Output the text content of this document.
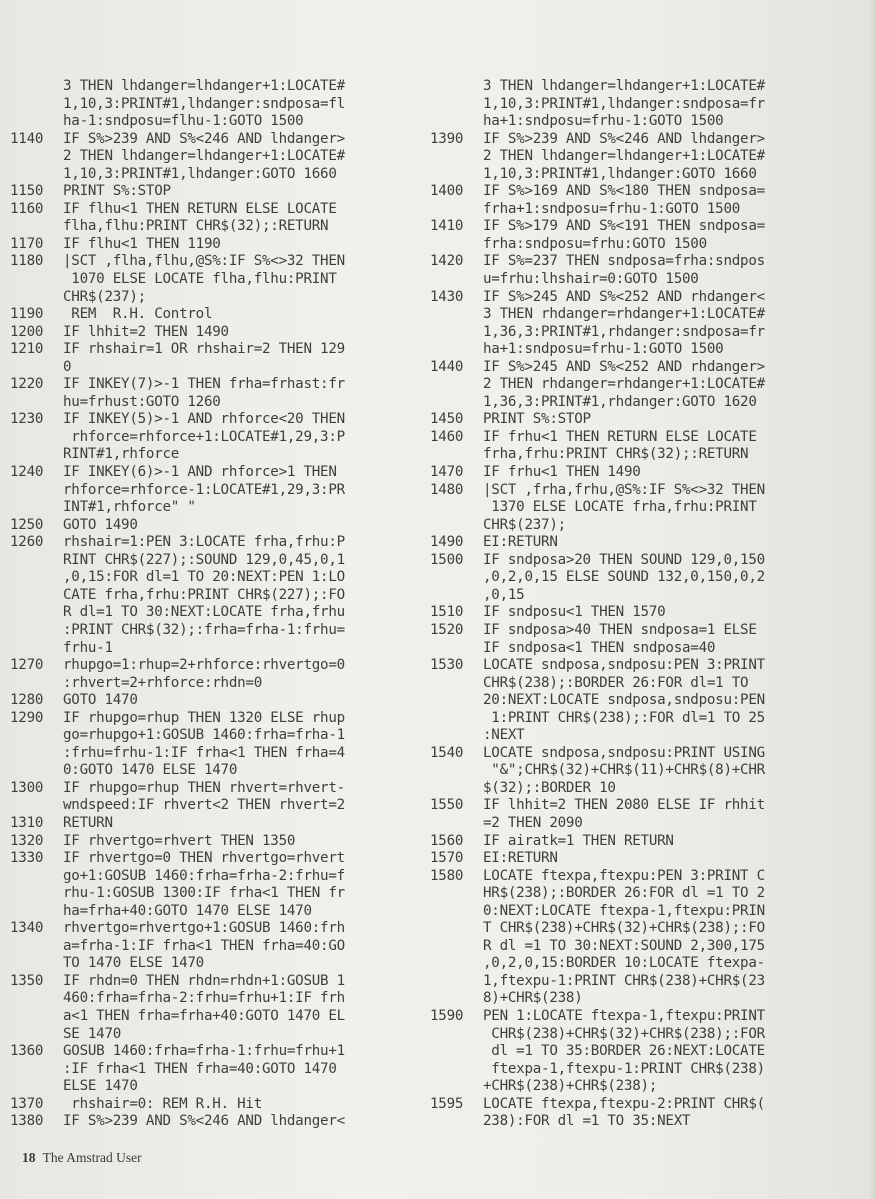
3 THEN lhdanger=lhdanger+1:LOCATE#
1,10,3:PRINT#1,lhdanger:sndposa=fl
ha-1:sndposu=flhu-1:GOTO 1500
1140	IF S%>239 AND S%<246 AND lhdanger>
2 THEN lhdanger=lhdanger+1:LOCATE#
1,10,3:PRINT#1,lhdanger:GOTO 1660
1150	PRINT S%:STOP
1160	IF flhu<1 THEN RETURN ELSE LOCATE
flha,flhu:PRINT CHR$(32);:RETURN
1170	IF flhu<1 THEN 1190
1180	|SCT ,flha,flhu,@S%:IF S%<>32 THEN
1070 ELSE LOCATE flha,flhu:PRINT
CHR$(237);
1190	REM  R.H. Control
1200	IF lhhit=2 THEN 1490
1210	IF rhshair=1 OR rhshair=2 THEN 129
0
1220	IF INKEY(7)>-1 THEN frha=frhast:fr
hu=frhust:GOTO 1260
1230	IF INKEY(5)>-1 AND rhforce<20 THEN
rhforce=rhforce+1:LOCATE#1,29,3:P
RINT#1,rhforce
1240	IF INKEY(6)>-1 AND rhforce>1 THEN
rhforce=rhforce-1:LOCATE#1,29,3:PR
INT#1,rhforce" "
1250	GOTO 1490
1260	rhshair=1:PEN 3:LOCATE frha,frhu:P
RINT CHR$(227);:SOUND 129,0,45,0,1
,0,15:FOR dl=1 TO 20:NEXT:PEN 1:LO
CATE frha,frhu:PRINT CHR$(227);:FO
R dl=1 TO 30:NEXT:LOCATE frha,frhu
:PRINT CHR$(32);:frha=frha-1:frhu=
frhu-1
1270	rhupgo=1:rhup=2+rhforce:rhvertgo=0
:rhvert=2+rhforce:rhdn=0
1280	GOTO 1470
1290	IF rhupgo=rhup THEN 1320 ELSE rhup
go=rhupgo+1:GOSUB 1460:frha=frha-1
:frhu=frhu-1:IF frha<1 THEN frha=4
0:GOTO 1470 ELSE 1470
1300	IF rhupgo=rhup THEN rhvert=rhvert-
wndspeed:IF rhvert<2 THEN rhvert=2
1310	RETURN
1320	IF rhvertgo=rhvert THEN 1350
1330	IF rhvertgo=0 THEN rhvertgo=rhvert
go+1:GOSUB 1460:frha=frha-2:frhu=f
rhu-1:GOSUB 1300:IF frha<1 THEN fr
ha=frha+40:GOTO 1470 ELSE 1470
1340	rhvertgo=rhvertgo+1:GOSUB 1460:frh
a=frha-1:IF frha<1 THEN frha=40:GO
TO 1470 ELSE 1470
1350	IF rhdn=0 THEN rhdn=rhdn+1:GOSUB 1
460:frha=frha-2:frhu=frhu+1:IF frh
a<1 THEN frha=frha+40:GOTO 1470 EL
SE 1470
1360	GOSUB 1460:frha=frha-1:frhu=frhu+1
:IF frha<1 THEN frha=40:GOTO 1470
ELSE 1470
1370	rhshair=0: REM R.H. Hit
1380	IF S%>239 AND S%<246 AND lhdanger<
3 THEN lhdanger=lhdanger+1:LOCATE#
1,10,3:PRINT#1,lhdanger:sndposa=fr
ha+1:sndposu=frhu-1:GOTO 1500
1390	IF S%>239 AND S%<246 AND lhdanger>
2 THEN lhdanger=lhdanger+1:LOCATE#
1,10,3:PRINT#1,lhdanger:GOTO 1660
1400	IF S%>169 AND S%<180 THEN sndposa=
frha+1:sndposu=frhu-1:GOTO 1500
1410	IF S%>179 AND S%<191 THEN sndposa=
frha:sndposu=frhu:GOTO 1500
1420	IF S%=237 THEN sndposa=frha:sndpos
u=frhu:lhshair=0:GOTO 1500
1430	IF S%>245 AND S%<252 AND rhdanger<
3 THEN rhdanger=rhdanger+1:LOCATE#
1,36,3:PRINT#1,rhdanger:sndposa=fr
ha+1:sndposu=frhu-1:GOTO 1500
1440	IF S%>245 AND S%<252 AND rhdanger>
2 THEN rhdanger=rhdanger+1:LOCATE#
1,36,3:PRINT#1,rhdanger:GOTO 1620
1450	PRINT S%:STOP
1460	IF frhu<1 THEN RETURN ELSE LOCATE
frha,frhu:PRINT CHR$(32);:RETURN
1470	IF frhu<1 THEN 1490
1480	|SCT ,frha,frhu,@S%:IF S%<>32 THEN
1370 ELSE LOCATE frha,frhu:PRINT
CHR$(237);
1490	EI:RETURN
1500	IF sndposa>20 THEN SOUND 129,0,150
,0,2,0,15 ELSE SOUND 132,0,150,0,2
,0,15
1510	IF sndposu<1 THEN 1570
1520	IF sndposa>40 THEN sndposa=1 ELSE
IF sndposa<1 THEN sndposa=40
1530	LOCATE sndposa,sndposu:PEN 3:PRINT
CHR$(238);:BORDER 26:FOR dl=1 TO
20:NEXT:LOCATE sndposa,sndposu:PEN
1:PRINT CHR$(238);:FOR dl=1 TO 25
:NEXT
1540	LOCATE sndposa,sndposu:PRINT USING
"&";CHR$(32)+CHR$(11)+CHR$(8)+CHR
$(32);:BORDER 10
1550	IF lhhit=2 THEN 2080 ELSE IF rhhit
=2 THEN 2090
1560	IF airatk=1 THEN RETURN
1570	EI:RETURN
1580	LOCATE ftexpa,ftexpu:PEN 3:PRINT C
HR$(238);:BORDER 26:FOR dl =1 TO 2
0:NEXT:LOCATE ftexpa-1,ftexpu:PRIN
T CHR$(238)+CHR$(32)+CHR$(238);:FO
R dl =1 TO 30:NEXT:SOUND 2,300,175
,0,2,0,15:BORDER 10:LOCATE ftexpa-
1,ftexpu-1:PRINT CHR$(238)+CHR$(23
8)+CHR$(238)
1590	PEN 1:LOCATE ftexpa-1,ftexpu:PRINT
CHR$(238)+CHR$(32)+CHR$(238);:FOR
dl =1 TO 35:BORDER 26:NEXT:LOCATE
ftexpa-1,ftexpu-1:PRINT CHR$(238)
+CHR$(238)+CHR$(238);
1595	LOCATE ftexpa,ftexpu-2:PRINT CHR$(
238):FOR dl =1 TO 35:NEXT
18 The Amstrad User
